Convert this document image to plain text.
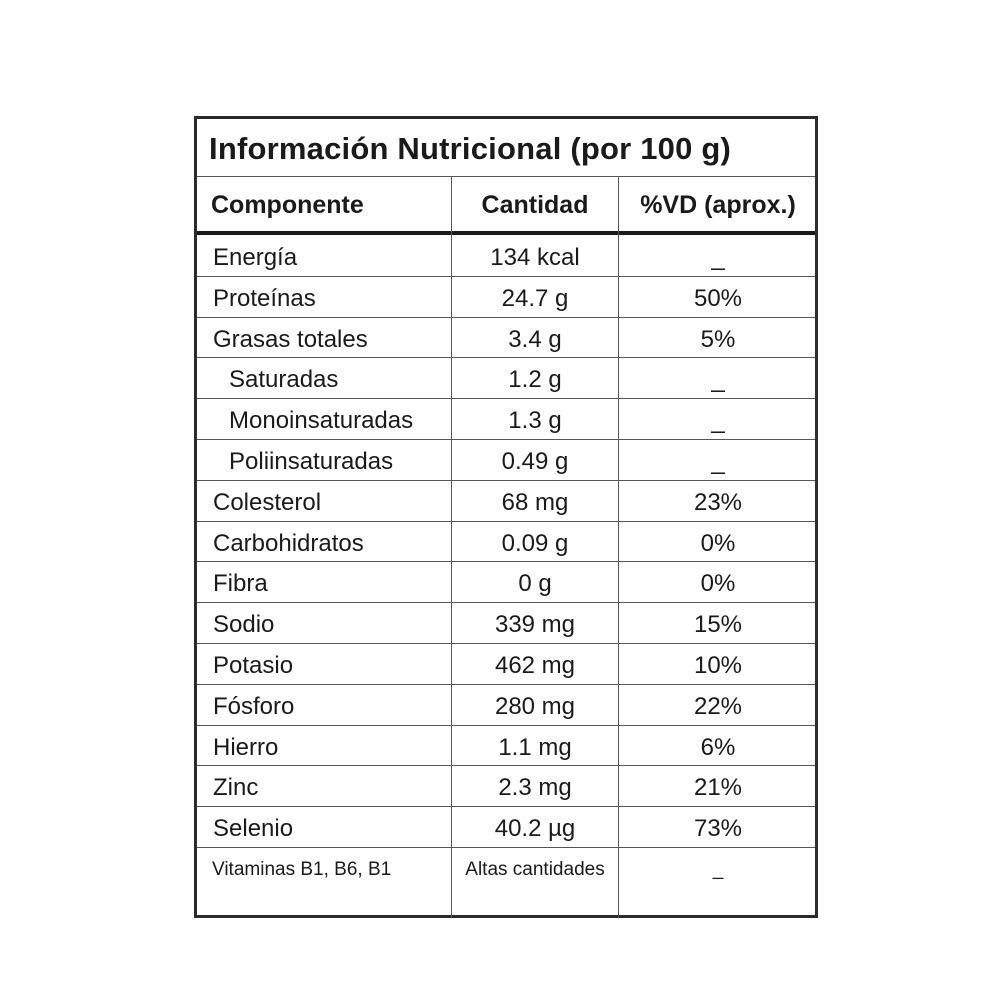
Información Nutricional (por 100 g)
Componente	Cantidad	%VD (aprox.)
Energía	134 kcal	_
Proteínas	24.7 g	50%
Grasas totales	3.4 g	5%
Saturadas	1.2 g	_
Monoinsaturadas	1.3 g	_
Poliinsaturadas	0.49 g	_
Colesterol	68 mg	23%
Carbohidratos	0.09 g	0%
Fibra	0 g	0%
Sodio	339 mg	15%
Potasio	462 mg	10%
Fósforo	280 mg	22%
Hierro	1.1 mg	6%
Zinc	2.3 mg	21%
Selenio	40.2 µg	73%
Vitaminas B1, B6, B1	Altas cantidades	_
